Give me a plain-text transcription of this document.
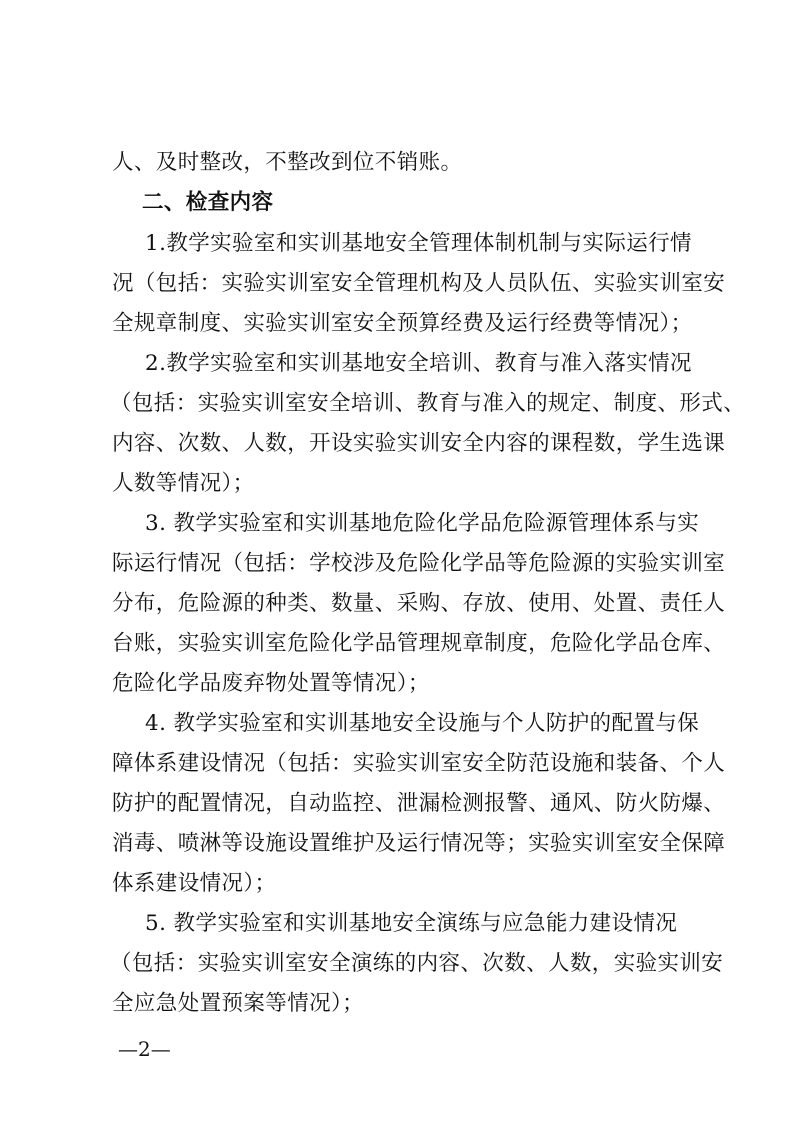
人、及时整改，不整改到位不销账。
二、检查内容
1.教学实验室和实训基地安全管理体制机制与实际运行情
况（包括：实验实训室安全管理机构及人员队伍、实验实训室安
全规章制度、实验实训室安全预算经费及运行经费等情况）；
2.教学实验室和实训基地安全培训、教育与准入落实情况
（包括：实验实训室安全培训、教育与准入的规定、制度、形式、
内容、次数、人数，开设实验实训安全内容的课程数，学生选课
人数等情况）；
3. 教学实验室和实训基地危险化学品危险源管理体系与实
际运行情况（包括：学校涉及危险化学品等危险源的实验实训室
分布，危险源的种类、数量、采购、存放、使用、处置、责任人
台账，实验实训室危险化学品管理规章制度，危险化学品仓库、
危险化学品废弃物处置等情况）；
4. 教学实验室和实训基地安全设施与个人防护的配置与保
障体系建设情况（包括：实验实训室安全防范设施和装备、个人
防护的配置情况，自动监控、泄漏检测报警、通风、防火防爆、
消毒、喷淋等设施设置维护及运行情况等；实验实训室安全保障
体系建设情况）；
5. 教学实验室和实训基地安全演练与应急能力建设情况
（包括：实验实训室安全演练的内容、次数、人数，实验实训安
全应急处置预案等情况）；
—2—
